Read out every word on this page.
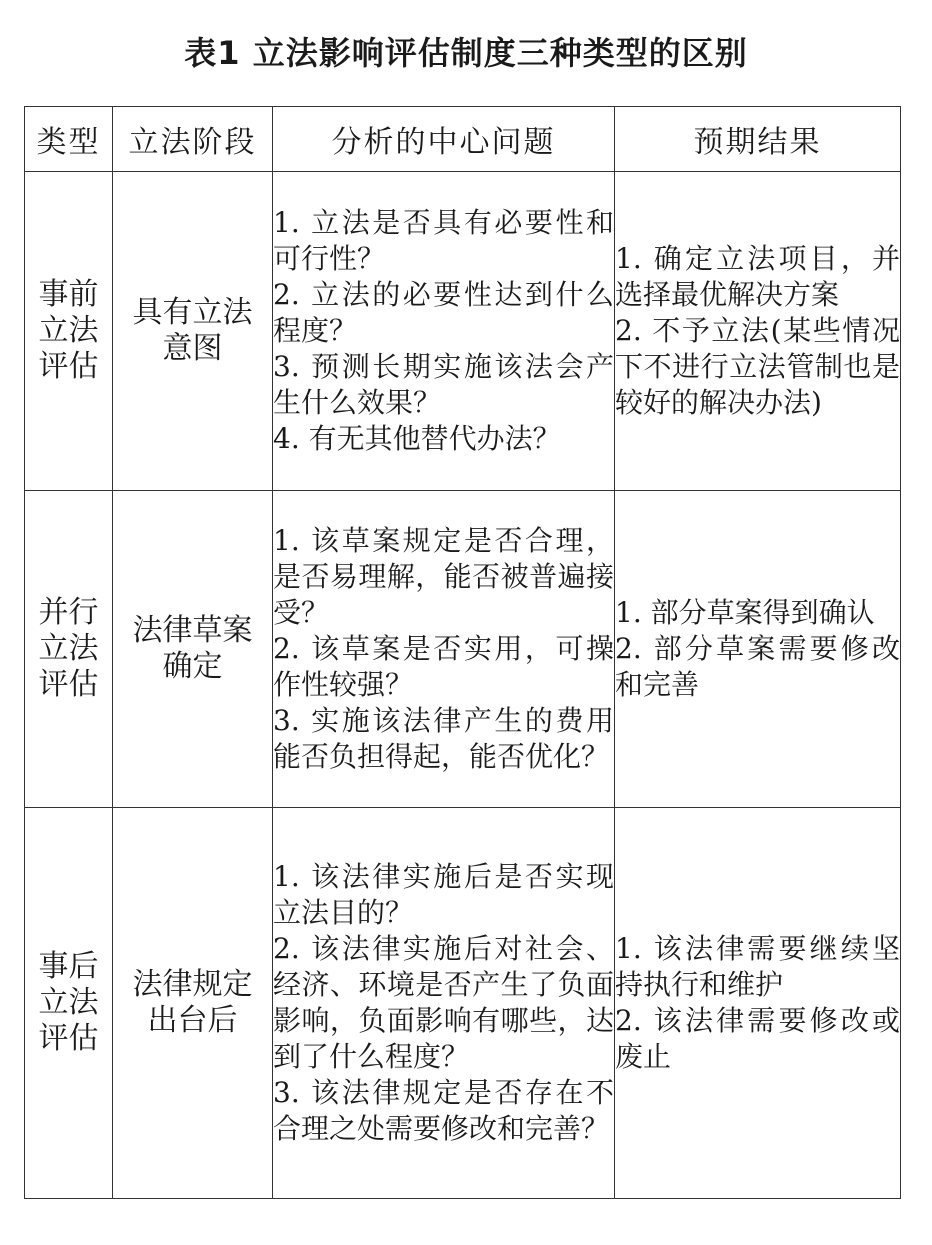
表1 立法影响评估制度三种类型的区别
类型	立法阶段	分析的中心问题	预期结果

事前立法评估	具有立法意图	1. 立法是否具有必要性和可行性？
2. 立法的必要性达到什么程度？
3. 预测长期实施该法会产生什么效果？
4. 有无其他替代办法？	1. 确定立法项目，并选择最优解决方案
2. 不予立法(某些情况下不进行立法管制也是较好的解决办法)

并行立法评估	法律草案确定	1. 该草案规定是否合理，是否易理解，能否被普遍接受？
2. 该草案是否实用，可操作性较强？
3. 实施该法律产生的费用能否负担得起，能否优化？	1. 部分草案得到确认
2. 部分草案需要修改和完善

事后立法评估	法律规定出台后	1. 该法律实施后是否实现立法目的？
2. 该法律实施后对社会、经济、环境是否产生了负面影响，负面影响有哪些，达到了什么程度？
3. 该法律规定是否存在不合理之处需要修改和完善？	1. 该法律需要继续坚持执行和维护
2. 该法律需要修改或废止
